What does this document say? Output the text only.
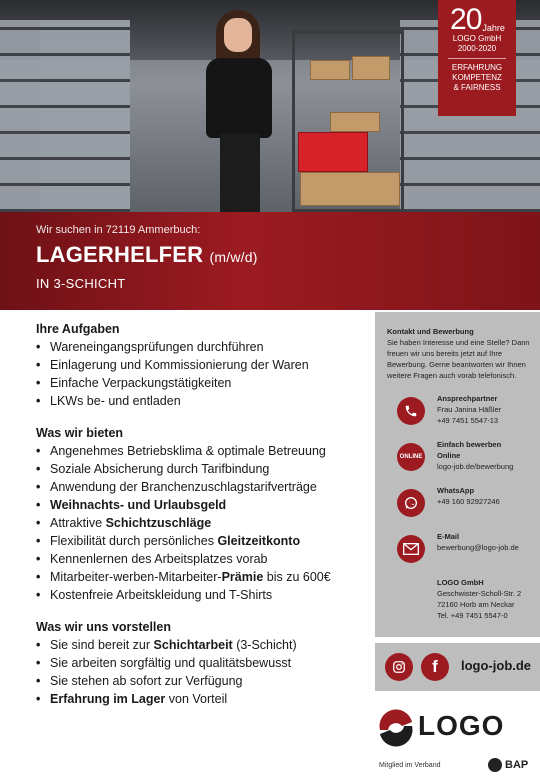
$20^{Jahre}$
LOGO GmbH
2000-2020
ERFAHRUNG
KOMPETENZ
& FAIRNESS
Wir suchen in 72119 Ammerbuch:
LAGERHELFER (m/w/d)
IN 3-SCHICHT
Ihre Aufgaben
• Wareneingangsprüfungen durchführen
• Einlagerung und Kommissionierung der Waren
• Einfache Verpackungstätigkeiten
• LKWs be- und entladen
Was wir bieten
• Angenehmes Betriebsklima & optimale Betreuung
• Soziale Absicherung durch Tarifbindung
• Anwendung der Branchenzuschlagstarifverträge
• Weihnachts- und Urlaubsgeld
• Attraktive Schichtzuschläge
• Flexibilität durch persönliches Gleitzeitkonto
• Kennenlernen des Arbeitsplatzes vorab
• Mitarbeiter-werben-Mitarbeiter-Prämie bis zu 600€
• Kostenfreie Arbeitskleidung und T-Shirts
Was wir uns vorstellen
• Sie sind bereit zur Schichtarbeit (3-Schicht)
• Sie arbeiten sorgfältig und qualitätsbewusst
• Sie stehen ab sofort zur Verfügung
• Erfahrung im Lager von Vorteil
Kontakt und Bewerbung
Sie haben Interesse und eine Stelle? Dann freuen wir uns bereits jetzt auf Ihre Bewerbung. Gerne beantworten wir Ihnen weitere Fragen auch vorab telefonisch.
Ansprechpartner
Frau Janina Häßler
+49 7451 5547-13
ONLINE
Einfach bewerben
Online
logo-job.de/bewerbung
WhatsApp
+49 160 92927246
E-Mail
bewerbung@logo-job.de
LOGO GmbH
Geschwister-Scholl-Str. 2
72160 Horb am Neckar
Tel. +49 7451 5547-0
f	logo-job.de
LOGO
Mitglied im Verband	BAP
